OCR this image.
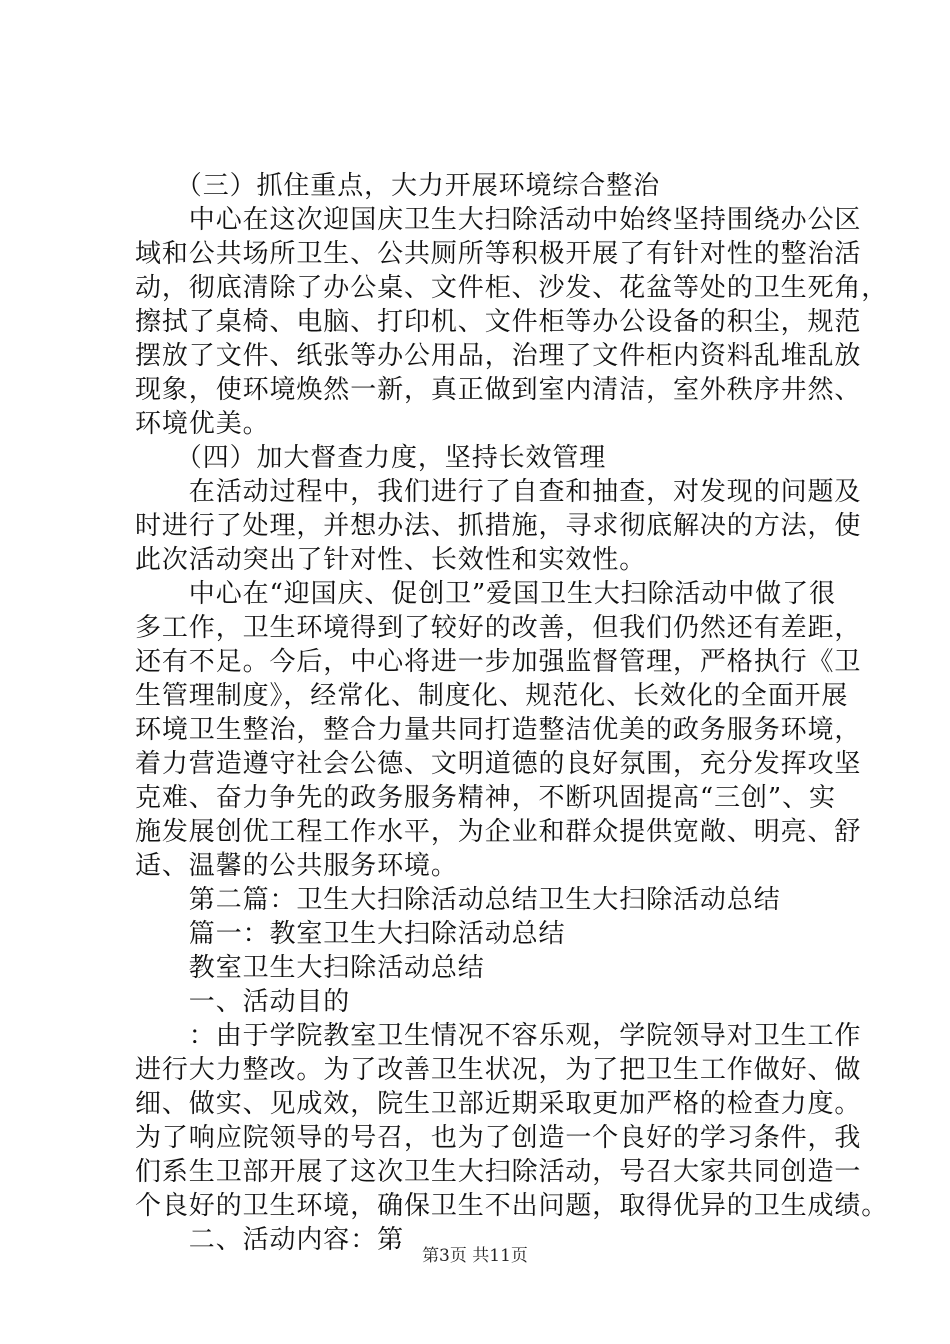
　　（三）抓住重点，大力开展环境综合整治
　　中心在这次迎国庆卫生大扫除活动中始终坚持围绕办公区
域和公共场所卫生、公共厕所等积极开展了有针对性的整治活
动，彻底清除了办公桌、文件柜、沙发、花盆等处的卫生死角，
擦拭了桌椅、电脑、打印机、文件柜等办公设备的积尘，规范
摆放了文件、纸张等办公用品，治理了文件柜内资料乱堆乱放
现象，使环境焕然一新，真正做到室内清洁，室外秩序井然、
环境优美。
　　（四）加大督查力度，坚持长效管理
　　在活动过程中，我们进行了自查和抽查，对发现的问题及
时进行了处理，并想办法、抓措施，寻求彻底解决的方法，使
此次活动突出了针对性、长效性和实效性。
　　中心在“迎国庆、促创卫”爱国卫生大扫除活动中做了很
多工作，卫生环境得到了较好的改善，但我们仍然还有差距，
还有不足。今后，中心将进一步加强监督管理，严格执行《卫
生管理制度》，经常化、制度化、规范化、长效化的全面开展
环境卫生整治，整合力量共同打造整洁优美的政务服务环境，
着力营造遵守社会公德、文明道德的良好氛围，充分发挥攻坚
克难、奋力争先的政务服务精神，不断巩固提高“三创”、实
施发展创优工程工作水平，为企业和群众提供宽敞、明亮、舒
适、温馨的公共服务环境。
　　第二篇：卫生大扫除活动总结卫生大扫除活动总结
　　篇一：教室卫生大扫除活动总结
　　教室卫生大扫除活动总结
　　一、活动目的
　　：由于学院教室卫生情况不容乐观，学院领导对卫生工作
进行大力整改。为了改善卫生状况，为了把卫生工作做好、做
细、做实、见成效，院生卫部近期采取更加严格的检查力度。
为了响应院领导的号召，也为了创造一个良好的学习条件，我
们系生卫部开展了这次卫生大扫除活动，号召大家共同创造一
个良好的卫生环境，确保卫生不出问题，取得优异的卫生成绩。
　　二、活动内容：第
第3页 共11页
